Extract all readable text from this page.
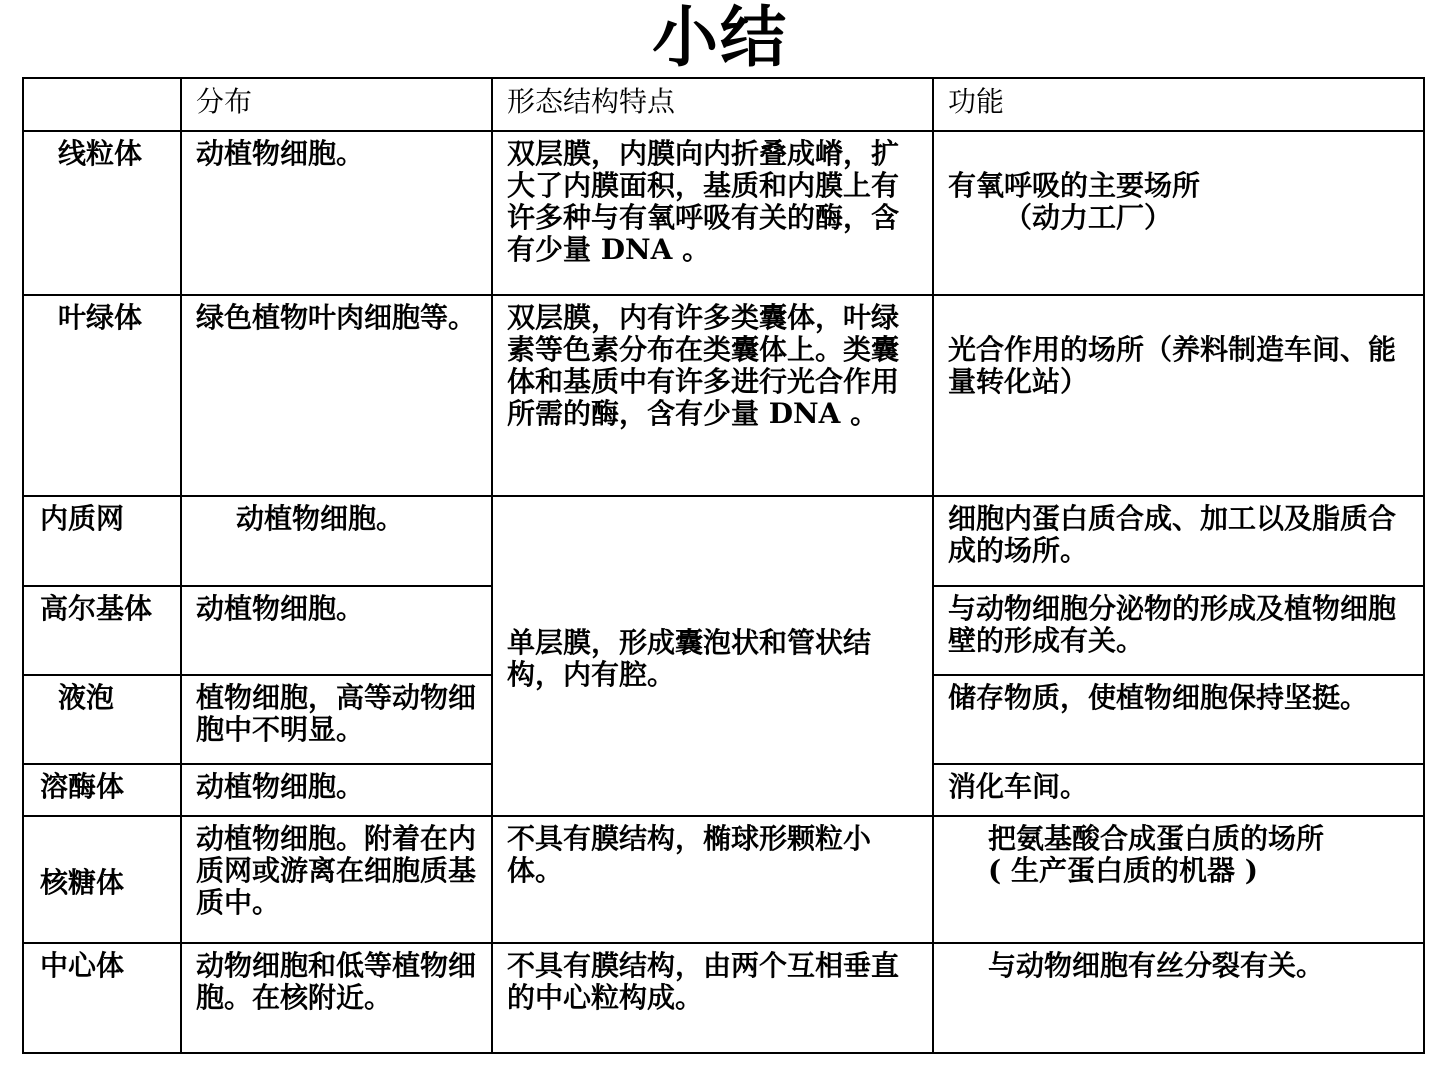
小结
	分布	形态结构特点	功能
线粒体	动植物细胞。	双层膜，内膜向内折叠成嵴，扩大了内膜面积，基质和内膜上有许多种与有氧呼吸有关的酶，含有少量 DNA 。	有氧呼吸的主要场所

（动力工厂）

叶绿体	绿色植物叶肉细胞等。	双层膜，内有许多类囊体，叶绿素等色素分布在类囊体上。类囊体和基质中有许多进行光合作用所需的酶，含有少量 DNA 。	光合作用的场所（养料制造车间、能量转化站）
内质网	动植物细胞。	单层膜，形成囊泡状和管状结构，内有腔。	细胞内蛋白质合成、加工以及脂质合成的场所。
高尔基体	动植物细胞。		与动物细胞分泌物的形成及植物细胞壁的形成有关。
液泡	植物细胞，高等动物细胞中不明显。		储存物质，使植物细胞保持坚挺。
溶酶体	动植物细胞。		消化车间。
核糖体	动植物细胞。附着在内质网或游离在细胞质基质中。	不具有膜结构，椭球形颗粒小体。	把氨基酸合成蛋白质的场所
( 生产蛋白质的机器 )
中心体	动物细胞和低等植物细胞。在核附近。	不具有膜结构，由两个互相垂直的中心粒构成。	与动物细胞有丝分裂有关。
